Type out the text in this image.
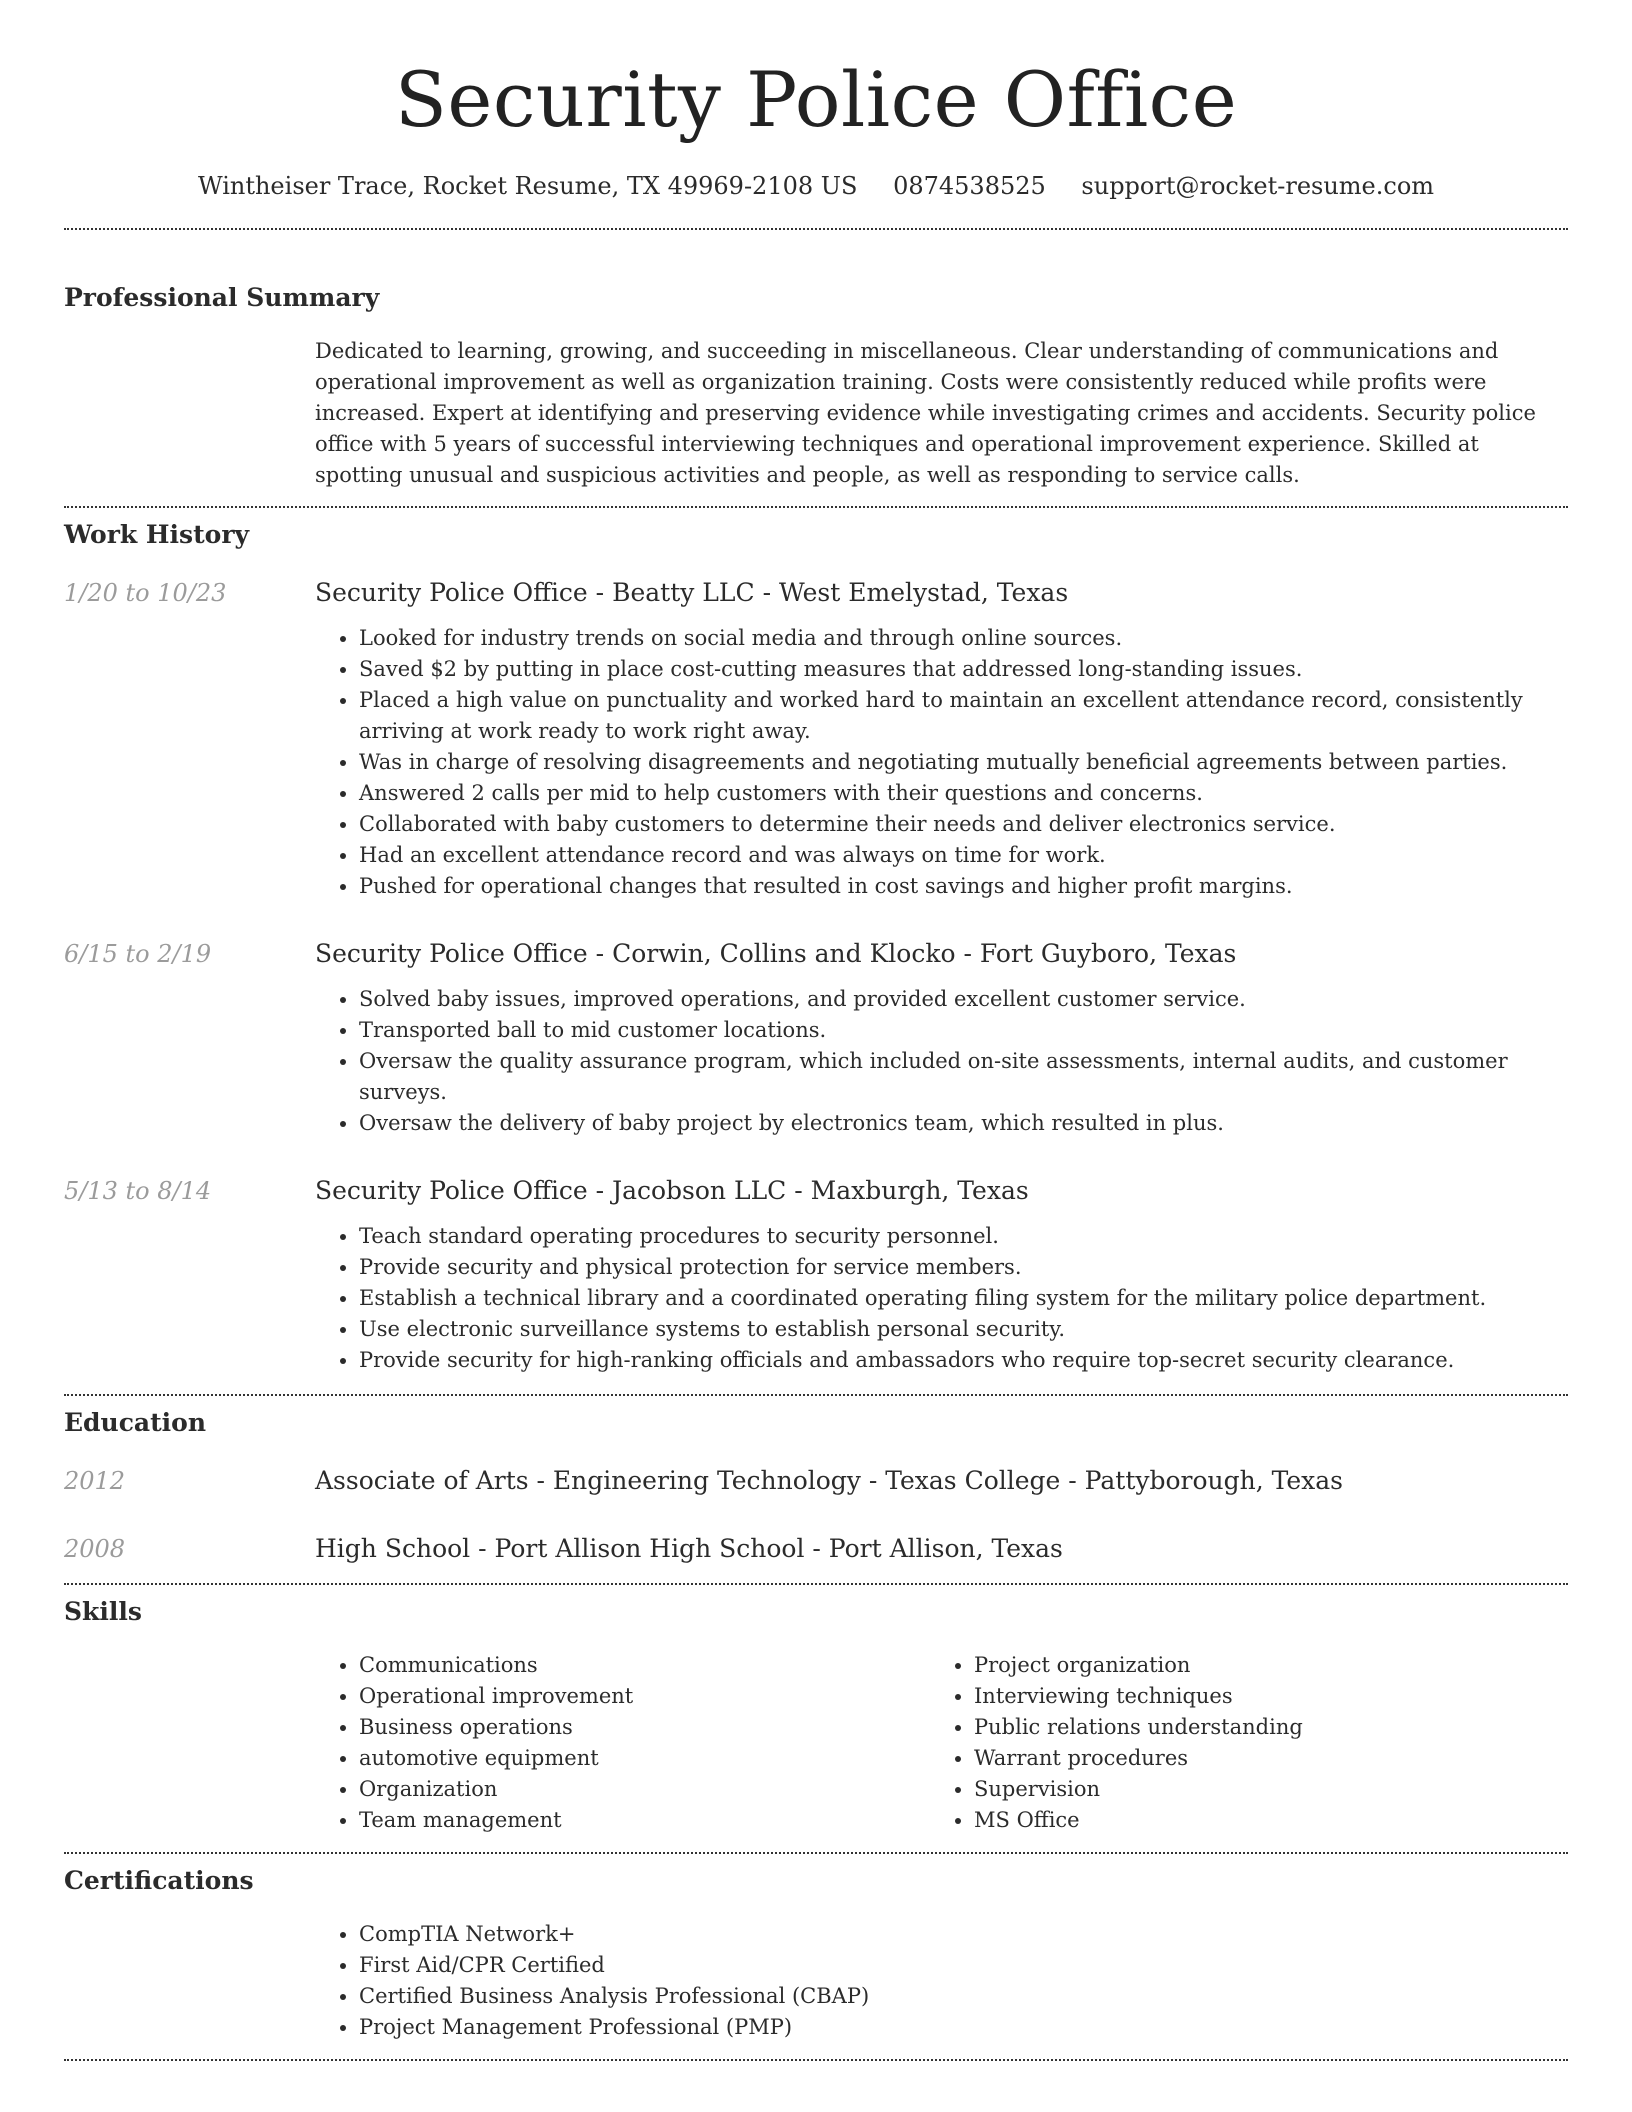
Security Police Office
Wintheiser Trace, Rocket Resume, TX 49969-2108 US 0874538525 support@rocket-resume.com
Professional Summary
Dedicated to learning, growing, and succeeding in miscellaneous. Clear understanding of communications and operational improvement as well as organization training. Costs were consistently reduced while profits were increased. Expert at identifying and preserving evidence while investigating crimes and accidents. Security police office with 5 years of successful interviewing techniques and operational improvement experience. Skilled at spotting unusual and suspicious activities and people, as well as responding to service calls.
Work History
1/20 to 10/23	Security Police Office - Beatty LLC - West Emelystad, Texas
• Looked for industry trends on social media and through online sources.
• Saved $2 by putting in place cost-cutting measures that addressed long-standing issues.
• Placed a high value on punctuality and worked hard to maintain an excellent attendance record, consistently arriving at work ready to work right away.
• Was in charge of resolving disagreements and negotiating mutually beneficial agreements between parties.
• Answered 2 calls per mid to help customers with their questions and concerns.
• Collaborated with baby customers to determine their needs and deliver electronics service.
• Had an excellent attendance record and was always on time for work.
• Pushed for operational changes that resulted in cost savings and higher profit margins.
6/15 to 2/19	Security Police Office - Corwin, Collins and Klocko - Fort Guyboro, Texas
• Solved baby issues, improved operations, and provided excellent customer service.
• Transported ball to mid customer locations.
• Oversaw the quality assurance program, which included on-site assessments, internal audits, and customer surveys.
• Oversaw the delivery of baby project by electronics team, which resulted in plus.
5/13 to 8/14	Security Police Office - Jacobson LLC - Maxburgh, Texas
• Teach standard operating procedures to security personnel.
• Provide security and physical protection for service members.
• Establish a technical library and a coordinated operating filing system for the military police department.
• Use electronic surveillance systems to establish personal security.
• Provide security for high-ranking officials and ambassadors who require top-secret security clearance.
Education
2012	Associate of Arts - Engineering Technology - Texas College - Pattyborough, Texas
2008	High School - Port Allison High School - Port Allison, Texas
Skills
• Communications
• Operational improvement
• Business operations
• automotive equipment
• Organization
• Team management
• Project organization
• Interviewing techniques
• Public relations understanding
• Warrant procedures
• Supervision
• MS Office
Certifications
• CompTIA Network+
• First Aid/CPR Certified
• Certified Business Analysis Professional (CBAP)
• Project Management Professional (PMP)
